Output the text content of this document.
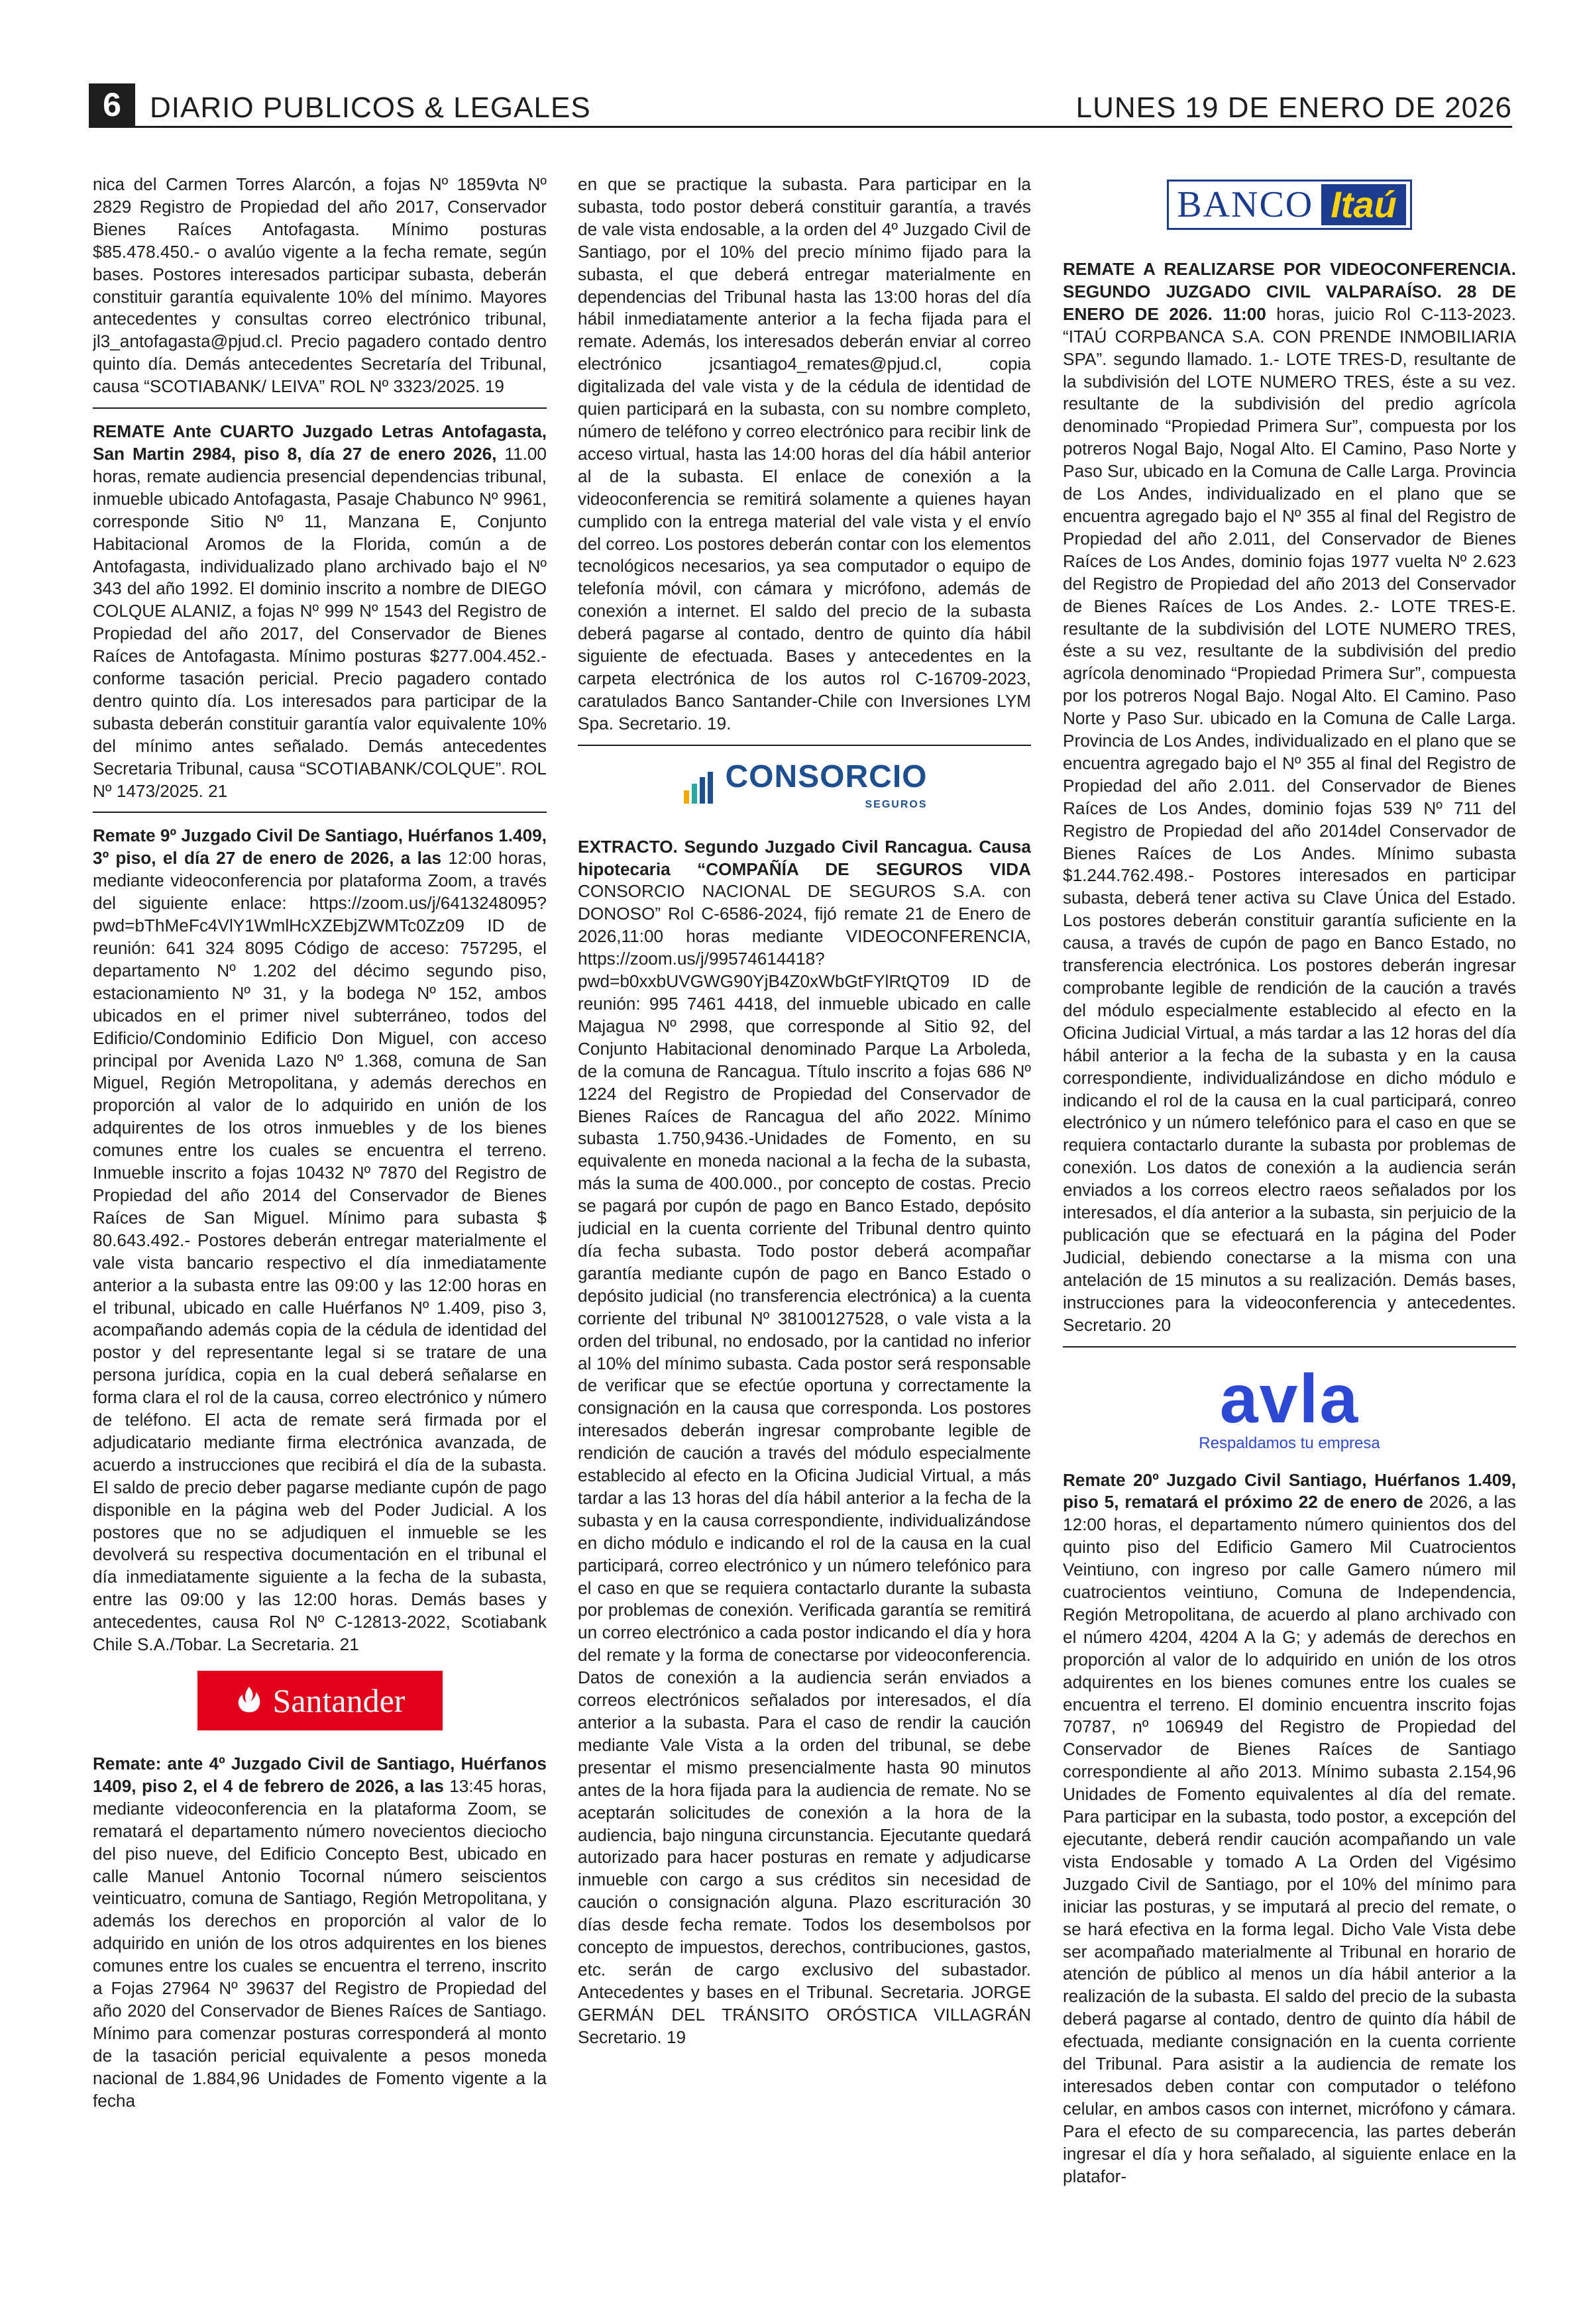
6 DIARIO PUBLICOS & LEGALES	LUNES 19 DE ENERO DE 2026

nica del Carmen Torres Alarcón, a fojas Nº 1859vta Nº 2829 Registro de Propiedad del año 2017, Conservador Bienes Raíces Antofagasta. Mínimo posturas $85.478.450.- o avalúo vigente a la fecha remate, según bases. Postores interesados participar subasta, deberán constituir garantía equivalente 10% del mínimo. Mayores antecedentes y consultas correo electrónico tribunal, jl3_antofagasta@pjud.cl. Precio pagadero contado dentro quinto día. Demás antecedentes Secretaría del Tribunal, causa “SCOTIABANK/ LEIVA” ROL Nº 3323/2025. 19

REMATE Ante CUARTO Juzgado Letras Antofagasta, San Martin 2984, piso 8, día 27 de enero 2026, 11.00 horas, remate audiencia presencial dependencias tribunal, inmueble ubicado Antofagasta, Pasaje Chabunco Nº 9961, corresponde Sitio Nº 11, Manzana E, Conjunto Habitacional Aromos de la Florida, común a de Antofagasta, individualizado plano archivado bajo el Nº 343 del año 1992. El dominio inscrito a nombre de DIEGO COLQUE ALANIZ, a fojas Nº 999 Nº 1543 del Registro de Propiedad del año 2017, del Conservador de Bienes Raíces de Antofagasta. Mínimo posturas $277.004.452.- conforme tasación pericial. Precio pagadero contado dentro quinto día. Los interesados para participar de la subasta deberán constituir garantía valor equivalente 10% del mínimo antes señalado. Demás antecedentes Secretaria Tribunal, causa “SCOTIABANK/COLQUE”. ROL Nº 1473/2025. 21

Remate 9º Juzgado Civil De Santiago, Huérfanos 1.409, 3º piso, el día 27 de enero de 2026, a las 12:00 horas, mediante videoconferencia por plataforma Zoom, a través del siguiente enlace: https://zoom.us/j/6413248095?pwd=bThMeFc4VlY1WmlHcXZEbjZWMTc0Zz09 ID de reunión: 641 324 8095 Código de acceso: 757295, el departamento Nº 1.202 del décimo segundo piso, estacionamiento Nº 31, y la bodega Nº 152, ambos ubicados en el primer nivel subterráneo, todos del Edificio/Condominio Edificio Don Miguel, con acceso principal por Avenida Lazo Nº 1.368, comuna de San Miguel, Región Metropolitana, y además derechos en proporción al valor de lo adquirido en unión de los adquirentes de los otros inmuebles y de los bienes comunes entre los cuales se encuentra el terreno. Inmueble inscrito a fojas 10432 Nº 7870 del Registro de Propiedad del año 2014 del Conservador de Bienes Raíces de San Miguel. Mínimo para subasta $ 80.643.492.- Postores deberán entregar materialmente el vale vista bancario respectivo el día inmediatamente anterior a la subasta entre las 09:00 y las 12:00 horas en el tribunal, ubicado en calle Huérfanos Nº 1.409, piso 3, acompañando además copia de la cédula de identidad del postor y del representante legal si se tratare de una persona jurídica, copia en la cual deberá señalarse en forma clara el rol de la causa, correo electrónico y número de teléfono. El acta de remate será firmada por el adjudicatario mediante firma electrónica avanzada, de acuerdo a instrucciones que recibirá el día de la subasta. El saldo de precio deber pagarse mediante cupón de pago disponible en la página web del Poder Judicial. A los postores que no se adjudiquen el inmueble se les devolverá su respectiva documentación en el tribunal el día inmediatamente siguiente a la fecha de la subasta, entre las 09:00 y las 12:00 horas. Demás bases y antecedentes, causa Rol Nº C-12813-2022, Scotiabank Chile S.A./Tobar. La Secretaria. 21

Santander

Remate: ante 4º Juzgado Civil de Santiago, Huérfanos 1409, piso 2, el 4 de febrero de 2026, a las 13:45 horas, mediante videoconferencia en la plataforma Zoom, se rematará el departamento número novecientos dieciocho del piso nueve, del Edificio Concepto Best, ubicado en calle Manuel Antonio Tocornal número seiscientos veinticuatro, comuna de Santiago, Región Metropolitana, y además los derechos en proporción al valor de lo adquirido en unión de los otros adquirentes en los bienes comunes entre los cuales se encuentra el terreno, inscrito a Fojas 27964 Nº 39637 del Registro de Propiedad del año 2020 del Conservador de Bienes Raíces de Santiago. Mínimo para comenzar posturas corresponderá al monto de la tasación pericial equivalente a pesos moneda nacional de 1.884,96 Unidades de Fomento vigente a la fecha

en que se practique la subasta. Para participar en la subasta, todo postor deberá constituir garantía, a través de vale vista endosable, a la orden del 4º Juzgado Civil de Santiago, por el 10% del precio mínimo fijado para la subasta, el que deberá entregar materialmente en dependencias del Tribunal hasta las 13:00 horas del día hábil inmediatamente anterior a la fecha fijada para el remate. Además, los interesados deberán enviar al correo electrónico jcsantiago4_remates@pjud.cl, copia digitalizada del vale vista y de la cédula de identidad de quien participará en la subasta, con su nombre completo, número de teléfono y correo electrónico para recibir link de acceso virtual, hasta las 14:00 horas del día hábil anterior al de la subasta. El enlace de conexión a la videoconferencia se remitirá solamente a quienes hayan cumplido con la entrega material del vale vista y el envío del correo. Los postores deberán contar con los elementos tecnológicos necesarios, ya sea computador o equipo de telefonía móvil, con cámara y micrófono, además de conexión a internet. El saldo del precio de la subasta deberá pagarse al contado, dentro de quinto día hábil siguiente de efectuada. Bases y antecedentes en la carpeta electrónica de los autos rol C-16709-2023, caratulados Banco Santander-Chile con Inversiones LYM Spa. Secretario. 19.

CONSORCIO
SEGUROS

EXTRACTO. Segundo Juzgado Civil Rancagua. Causa hipotecaria “COMPAÑÍA DE SEGUROS VIDA CONSORCIO NACIONAL DE SEGUROS S.A. con DONOSO” Rol C-6586-2024, fijó remate 21 de Enero de 2026,11:00 horas mediante VIDEOCONFERENCIA, https://zoom.us/j/99574614418?pwd=b0xxbUVGWG90YjB4Z0xWbGtFYlRtQT09 ID de reunión: 995 7461 4418, del inmueble ubicado en calle Majagua Nº 2998, que corresponde al Sitio 92, del Conjunto Habitacional denominado Parque La Arboleda, de la comuna de Rancagua. Título inscrito a fojas 686 Nº 1224 del Registro de Propiedad del Conservador de Bienes Raíces de Rancagua del año 2022. Mínimo subasta 1.750,9436.-Unidades de Fomento, en su equivalente en moneda nacional a la fecha de la subasta, más la suma de 400.000., por concepto de costas. Precio se pagará por cupón de pago en Banco Estado, depósito judicial en la cuenta corriente del Tribunal dentro quinto día fecha subasta. Todo postor deberá acompañar garantía mediante cupón de pago en Banco Estado o depósito judicial (no transferencia electrónica) a la cuenta corriente del tribunal Nº 38100127528, o vale vista a la orden del tribunal, no endosado, por la cantidad no inferior al 10% del mínimo subasta. Cada postor será responsable de verificar que se efectúe oportuna y correctamente la consignación en la causa que corresponda. Los postores interesados deberán ingresar comprobante legible de rendición de caución a través del módulo especialmente establecido al efecto en la Oficina Judicial Virtual, a más tardar a las 13 horas del día hábil anterior a la fecha de la subasta y en la causa correspondiente, individualizándose en dicho módulo e indicando el rol de la causa en la cual participará, correo electrónico y un número telefónico para el caso en que se requiera contactarlo durante la subasta por problemas de conexión. Verificada garantía se remitirá un correo electrónico a cada postor indicando el día y hora del remate y la forma de conectarse por videoconferencia. Datos de conexión a la audiencia serán enviados a correos electrónicos señalados por interesados, el día anterior a la subasta. Para el caso de rendir la caución mediante Vale Vista a la orden del tribunal, se debe presentar el mismo presencialmente hasta 90 minutos antes de la hora fijada para la audiencia de remate. No se aceptarán solicitudes de conexión a la hora de la audiencia, bajo ninguna circunstancia. Ejecutante quedará autorizado para hacer posturas en remate y adjudicarse inmueble con cargo a sus créditos sin necesidad de caución o consignación alguna. Plazo escrituración 30 días desde fecha remate. Todos los desembolsos por concepto de impuestos, derechos, contribuciones, gastos, etc. serán de cargo exclusivo del subastador. Antecedentes y bases en el Tribunal. Secretaria. JORGE GERMÁN DEL TRÁNSITO ORÓSTICA VILLAGRÁN Secretario. 19

BANCO Itaú

REMATE A REALIZARSE POR VIDEOCONFERENCIA. SEGUNDO JUZGADO CIVIL VALPARAÍSO. 28 DE ENERO DE 2026. 11:00 horas, juicio Rol C-113-2023. “ITAÚ CORPBANCA S.A. CON PRENDE INMOBILIARIA SPA”. segundo llamado. 1.- LOTE TRES-D, resultante de la subdivisión del LOTE NUMERO TRES, éste a su vez. resultante de la subdivisión del predio agrícola denominado “Propiedad Primera Sur”, compuesta por los potreros Nogal Bajo, Nogal Alto. El Camino, Paso Norte y Paso Sur, ubicado en la Comuna de Calle Larga. Provincia de Los Andes, individualizado en el plano que se encuentra agregado bajo el Nº 355 al final del Registro de Propiedad del año 2.011, del Conservador de Bienes Raíces de Los Andes, dominio fojas 1977 vuelta Nº 2.623 del Registro de Propiedad del año 2013 del Conservador de Bienes Raíces de Los Andes. 2.- LOTE TRES-E. resultante de la subdivisión del LOTE NUMERO TRES, éste a su vez, resultante de la subdivisión del predio agrícola denominado “Propiedad Primera Sur”, compuesta por los potreros Nogal Bajo. Nogal Alto. El Camino. Paso Norte y Paso Sur. ubicado en la Comuna de Calle Larga. Provincia de Los Andes, individualizado en el plano que se encuentra agregado bajo el Nº 355 al final del Registro de Propiedad del año 2.011. del Conservador de Bienes Raíces de Los Andes, dominio fojas 539 Nº 711 del Registro de Propiedad del año 2014del Conservador de Bienes Raíces de Los Andes. Mínimo subasta $1.244.762.498.- Postores interesados en participar subasta, deberá tener activa su Clave Única del Estado. Los postores deberán constituir garantía suficiente en la causa, a través de cupón de pago en Banco Estado, no transferencia electrónica. Los postores deberán ingresar comprobante legible de rendición de la caución a través del módulo especialmente establecido al efecto en la Oficina Judicial Virtual, a más tardar a las 12 horas del día hábil anterior a la fecha de la subasta y en la causa correspondiente, individualizándose en dicho módulo e indicando el rol de la causa en la cual participará, conreo electrónico y un número telefónico para el caso en que se requiera contactarlo durante la subasta por problemas de conexión. Los datos de conexión a la audiencia serán enviados a los correos electro raeos señalados por los interesados, el día anterior a la subasta, sin perjuicio de la publicación que se efectuará en la página del Poder Judicial, debiendo conectarse a la misma con una antelación de 15 minutos a su realización. Demás bases, instrucciones para la videoconferencia y antecedentes. Secretario. 20

avla
Respaldamos tu empresa

Remate 20º Juzgado Civil Santiago, Huérfanos 1.409, piso 5, rematará el próximo 22 de enero de 2026, a las 12:00 horas, el departamento número quinientos dos del quinto piso del Edificio Gamero Mil Cuatrocientos Veintiuno, con ingreso por calle Gamero número mil cuatrocientos veintiuno, Comuna de Independencia, Región Metropolitana, de acuerdo al plano archivado con el número 4204, 4204 A la G; y además de derechos en proporción al valor de lo adquirido en unión de los otros adquirentes en los bienes comunes entre los cuales se encuentra el terreno. El dominio encuentra inscrito fojas 70787, nº 106949 del Registro de Propiedad del Conservador de Bienes Raíces de Santiago correspondiente al año 2013. Mínimo subasta 2.154,96 Unidades de Fomento equivalentes al día del remate. Para participar en la subasta, todo postor, a excepción del ejecutante, deberá rendir caución acompañando un vale vista Endosable y tomado A La Orden del Vigésimo Juzgado Civil de Santiago, por el 10% del mínimo para iniciar las posturas, y se imputará al precio del remate, o se hará efectiva en la forma legal. Dicho Vale Vista debe ser acompañado materialmente al Tribunal en horario de atención de público al menos un día hábil anterior a la realización de la subasta. El saldo del precio de la subasta deberá pagarse al contado, dentro de quinto día hábil de efectuada, mediante consignación en la cuenta corriente del Tribunal. Para asistir a la audiencia de remate los interesados deben contar con computador o teléfono celular, en ambos casos con internet, micrófono y cámara. Para el efecto de su comparecencia, las partes deberán ingresar el día y hora señalado, al siguiente enlace en la platafor-
